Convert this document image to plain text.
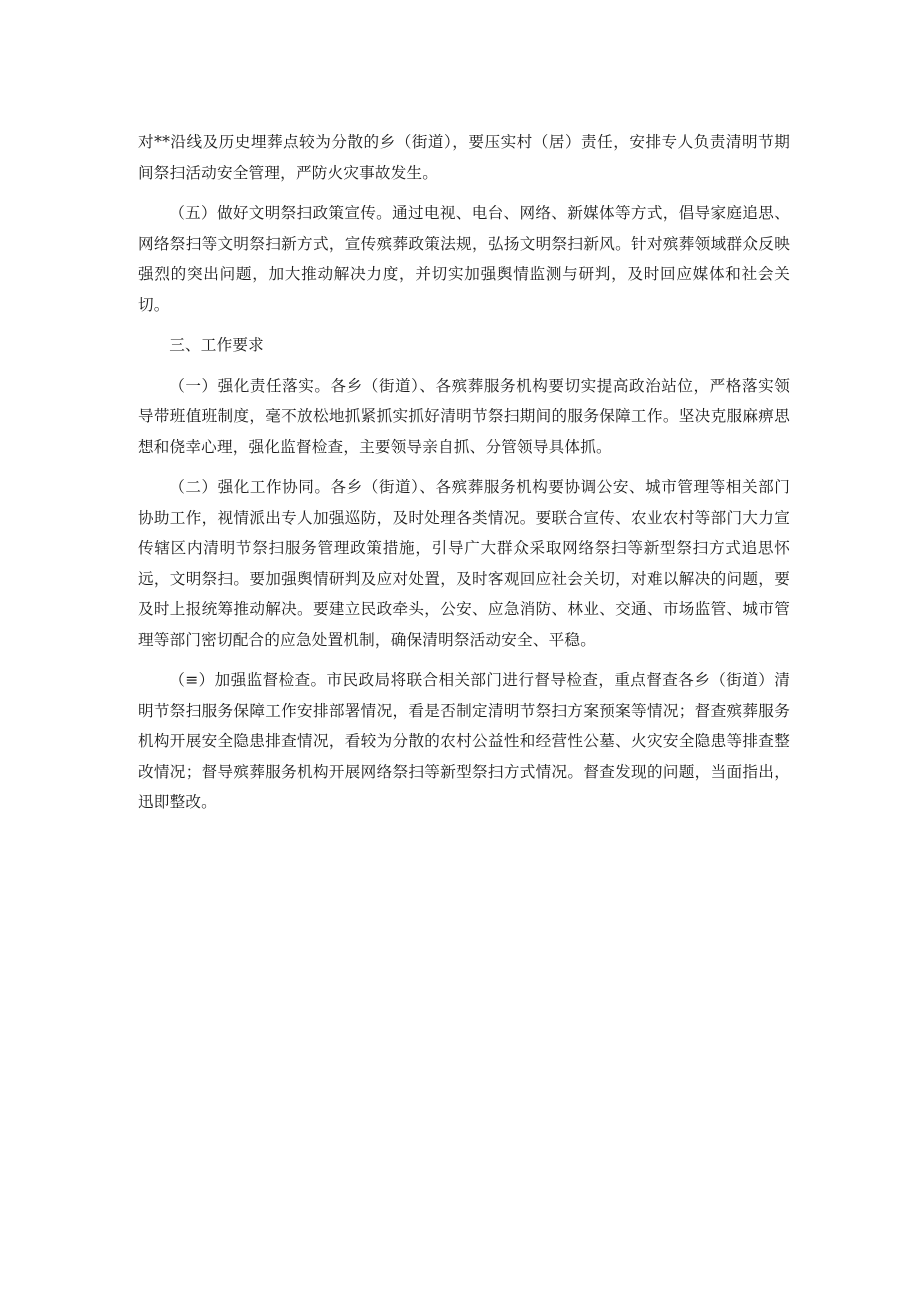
对**沿线及历史埋葬点较为分散的乡（街道），要压实村（居）责任，安排专人负责清明节期间祭扫活动安全管理，严防火灾事故发生。

（五）做好文明祭扫政策宣传。通过电视、电台、网络、新媒体等方式，倡导家庭追思、网络祭扫等文明祭扫新方式，宣传殡葬政策法规，弘扬文明祭扫新风。针对殡葬领域群众反映强烈的突出问题，加大推动解决力度，并切实加强舆情监测与研判，及时回应媒体和社会关切。

三、工作要求

（一）强化责任落实。各乡（街道）、各殡葬服务机构要切实提高政治站位，严格落实领导带班值班制度，毫不放松地抓紧抓实抓好清明节祭扫期间的服务保障工作。坚决克服麻痹思想和侥幸心理，强化监督检查，主要领导亲自抓、分管领导具体抓。

（二）强化工作协同。各乡（街道）、各殡葬服务机构要协调公安、城市管理等相关部门协助工作，视情派出专人加强巡防，及时处理各类情况。要联合宣传、农业农村等部门大力宣传辖区内清明节祭扫服务管理政策措施，引导广大群众采取网络祭扫等新型祭扫方式追思怀远，文明祭扫。要加强舆情研判及应对处置，及时客观回应社会关切，对难以解决的问题，要及时上报统筹推动解决。要建立民政牵头，公安、应急消防、林业、交通、市场监管、城市管理等部门密切配合的应急处置机制，确保清明祭活动安全、平稳。

（≡）加强监督检查。市民政局将联合相关部门进行督导检查，重点督查各乡（街道）清明节祭扫服务保障工作安排部署情况，看是否制定清明节祭扫方案预案等情况；督查殡葬服务机构开展安全隐患排查情况，看较为分散的农村公益性和经营性公墓、火灾安全隐患等排查整改情况；督导殡葬服务机构开展网络祭扫等新型祭扫方式情况。督查发现的问题，当面指出，迅即整改。
